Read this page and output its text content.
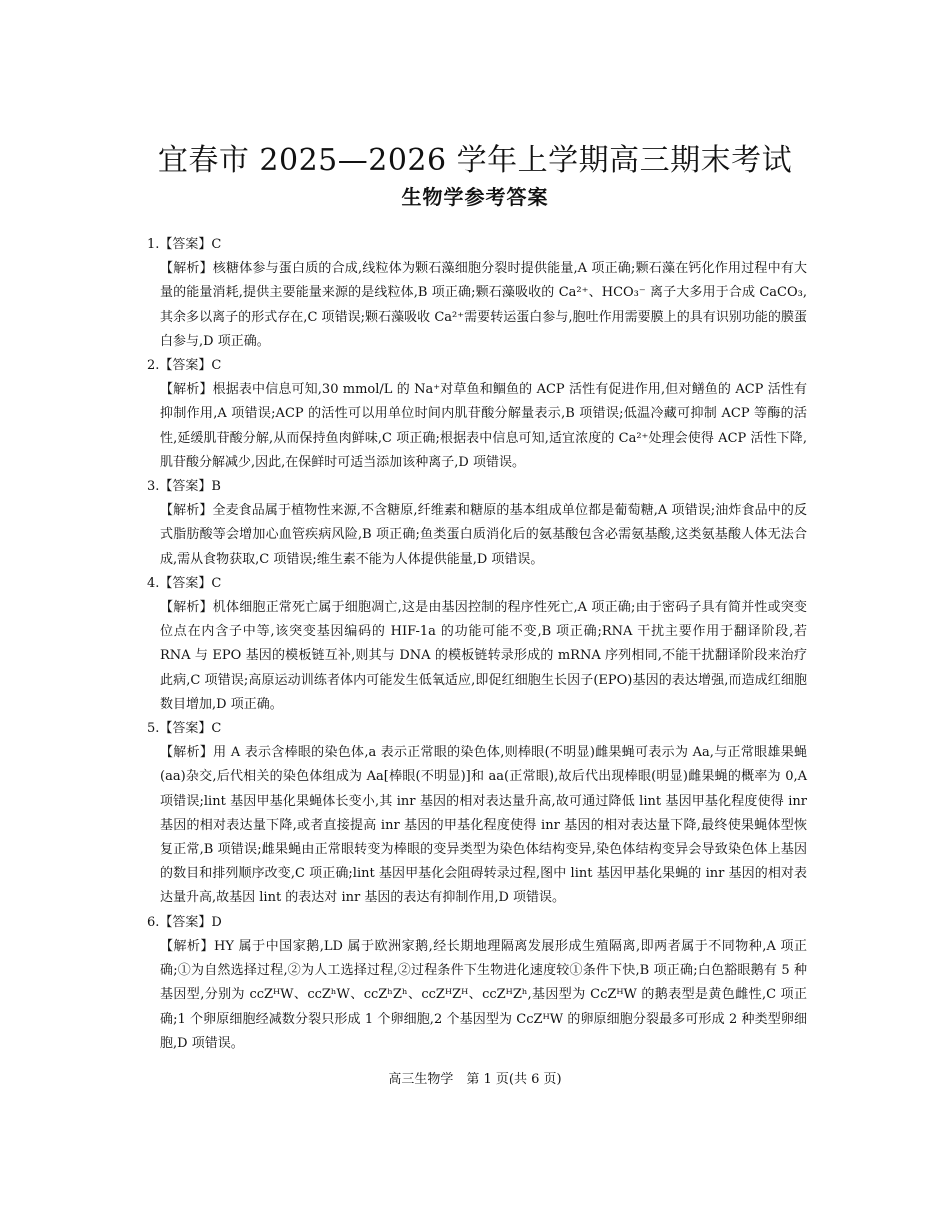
宜春市 2025—2026 学年上学期高三期末考试
生物学参考答案

1.【答案】C

【解析】核糖体参与蛋白质的合成,线粒体为颗石藻细胞分裂时提供能量,A 项正确;颗石藻在钙化作用过程中有大量的能量消耗,提供主要能量来源的是线粒体,B 项正确;颗石藻吸收的 Ca²⁺、HCO₃⁻ 离子大多用于合成 CaCO₃,其余多以离子的形式存在,C 项错误;颗石藻吸收 Ca²⁺需要转运蛋白参与,胞吐作用需要膜上的具有识别功能的膜蛋白参与,D 项正确。

2.【答案】C

【解析】根据表中信息可知,30 mmol/L 的 Na⁺对草鱼和鲴鱼的 ACP 活性有促进作用,但对鳝鱼的 ACP 活性有抑制作用,A 项错误;ACP 的活性可以用单位时间内肌苷酸分解量表示,B 项错误;低温冷藏可抑制 ACP 等酶的活性,延缓肌苷酸分解,从而保持鱼肉鲜味,C 项正确;根据表中信息可知,适宜浓度的 Ca²⁺处理会使得 ACP 活性下降,肌苷酸分解减少,因此,在保鲜时可适当添加该种离子,D 项错误。

3.【答案】B

【解析】全麦食品属于植物性来源,不含糖原,纤维素和糖原的基本组成单位都是葡萄糖,A 项错误;油炸食品中的反式脂肪酸等会增加心血管疾病风险,B 项正确;鱼类蛋白质消化后的氨基酸包含必需氨基酸,这类氨基酸人体无法合成,需从食物获取,C 项错误;维生素不能为人体提供能量,D 项错误。

4.【答案】C

【解析】机体细胞正常死亡属于细胞凋亡,这是由基因控制的程序性死亡,A 项正确;由于密码子具有简并性或突变位点在内含子中等,该突变基因编码的 HIF-1a 的功能可能不变,B 项正确;RNA 干扰主要作用于翻译阶段,若 RNA 与 EPO 基因的模板链互补,则其与 DNA 的模板链转录形成的 mRNA 序列相同,不能干扰翻译阶段来治疗此病,C 项错误;高原运动训练者体内可能发生低氧适应,即促红细胞生长因子(EPO)基因的表达增强,而造成红细胞数目增加,D 项正确。

5.【答案】C

【解析】用 A 表示含棒眼的染色体,a 表示正常眼的染色体,则棒眼(不明显)雌果蝇可表示为 Aa,与正常眼雄果蝇(aa)杂交,后代相关的染色体组成为 Aa[棒眼(不明显)]和 aa(正常眼),故后代出现棒眼(明显)雌果蝇的概率为 0,A 项错误;lint 基因甲基化果蝇体长变小,其 inr 基因的相对表达量升高,故可通过降低 lint 基因甲基化程度使得 inr 基因的相对表达量下降,或者直接提高 inr 基因的甲基化程度使得 inr 基因的相对表达量下降,最终使果蝇体型恢复正常,B 项错误;雌果蝇由正常眼转变为棒眼的变异类型为染色体结构变异,染色体结构变异会导致染色体上基因的数目和排列顺序改变,C 项正确;lint 基因甲基化会阻碍转录过程,图中 lint 基因甲基化果蝇的 inr 基因的相对表达量升高,故基因 lint 的表达对 inr 基因的表达有抑制作用,D 项错误。

6.【答案】D

【解析】HY 属于中国家鹅,LD 属于欧洲家鹅,经长期地理隔离发展形成生殖隔离,即两者属于不同物种,A 项正确;①为自然选择过程,②为人工选择过程,②过程条件下生物进化速度较①条件下快,B 项正确;白色豁眼鹅有 5 种基因型,分别为 ccZᴴW、ccZʰW、ccZʰZʰ、ccZᴴZᴴ、ccZᴴZʰ,基因型为 CcZᴴW 的鹅表型是黄色雌性,C 项正确;1 个卵原细胞经减数分裂只形成 1 个卵细胞,2 个基因型为 CcZᴴW 的卵原细胞分裂最多可形成 2 种类型卵细胞,D 项错误。

高三生物学　第 1 页(共 6 页)
